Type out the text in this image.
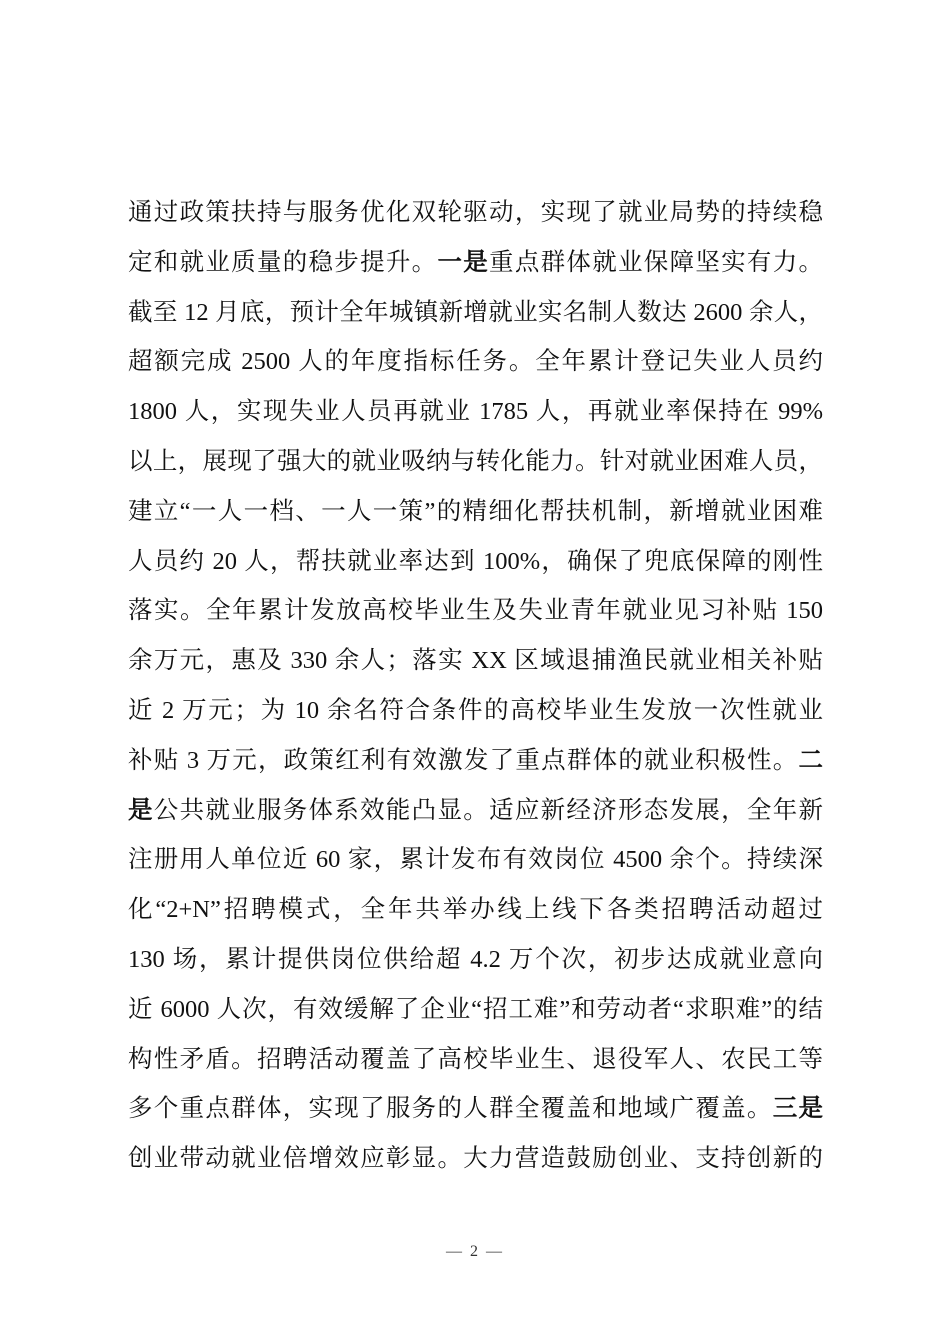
通过政策扶持与服务优化双轮驱动，实现了就业局势的持续稳
定和就业质量的稳步提升。一是重点群体就业保障坚实有力。
截至 12 月底，预计全年城镇新增就业实名制人数达 2600 余人，
超额完成 2500 人的年度指标任务。全年累计登记失业人员约
1800 人，实现失业人员再就业 1785 人，再就业率保持在 99%
以上，展现了强大的就业吸纳与转化能力。针对就业困难人员，
建立“一人一档、一人一策”的精细化帮扶机制，新增就业困难
人员约 20 人，帮扶就业率达到 100%，确保了兜底保障的刚性
落实。全年累计发放高校毕业生及失业青年就业见习补贴 150
余万元，惠及 330 余人；落实 XX 区域退捕渔民就业相关补贴
近 2 万元；为 10 余名符合条件的高校毕业生发放一次性就业
补贴 3 万元，政策红利有效激发了重点群体的就业积极性。二
是公共就业服务体系效能凸显。适应新经济形态发展，全年新
注册用人单位近 60 家，累计发布有效岗位 4500 余个。持续深
化“2+N”招聘模式，全年共举办线上线下各类招聘活动超过
130 场，累计提供岗位供给超 4.2 万个次，初步达成就业意向
近 6000 人次，有效缓解了企业“招工难”和劳动者“求职难”的结
构性矛盾。招聘活动覆盖了高校毕业生、退役军人、农民工等
多个重点群体，实现了服务的人群全覆盖和地域广覆盖。三是
创业带动就业倍增效应彰显。大力营造鼓励创业、支持创新的
— 2 —
